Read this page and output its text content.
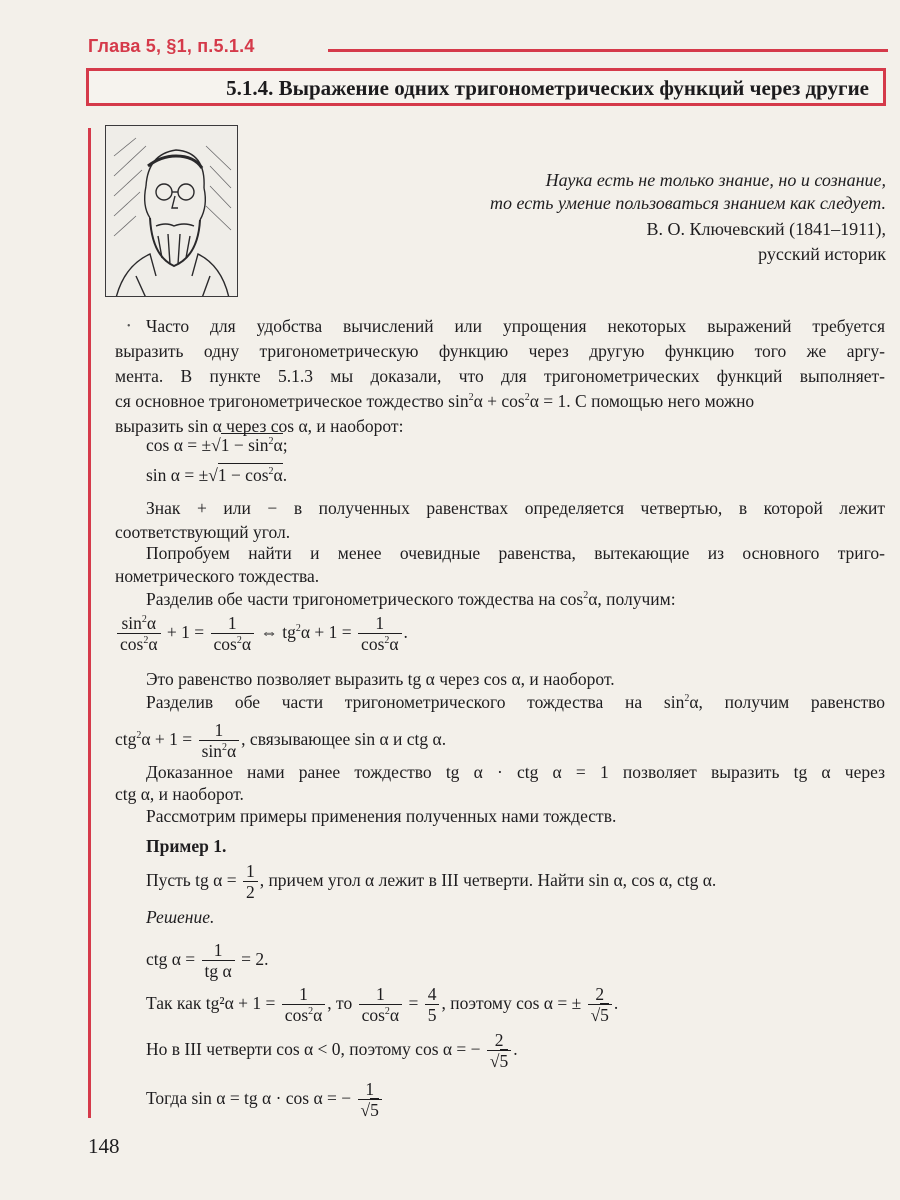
Глава 5, §1, п.5.1.4
5.1.4. Выражение одних тригонометрических функций через другие
Наука есть не только знание, но и сознание,
то есть умение пользоваться знанием как следует.
В. О. Ключевский (1841–1911),
русский историк
• Часто для удобства вычислений или упрощения некоторых выражений требуется
выразить одну тригонометрическую функцию через другую функцию того же аргу-
мента. В пункте 5.1.3 мы доказали, что для тригонометрических функций выполняет-
ся основное тригонометрическое тождество $\sin^2\alpha + \cos^2\alpha = 1$. С помощью него можно
выразить sin α через cos α, и наоборот:
$\cos \alpha = \pm√1 - \sin^2\alpha$;
$\sin \alpha = \pm√1 - \cos^2\alpha$.
Знак + или − в полученных равенствах определяется четвертью, в которой лежит
соответствующий угол.
Попробуем найти и менее очевидные равенства, вытекающие из основного триго-
нометрического тождества.
Разделив обе части тригонометрического тождества на $\cos^2\alpha$, получим:
$\frac{\sin^2\alpha}{\cos^2\alpha} + 1 = \frac{1}{\cos^2\alpha}$ ⇔ $tg^2\alpha + 1 = \frac{1}{\cos^2\alpha}$ .
Это равенство позволяет выразить tg α через cos α, и наоборот.
Разделив обе части тригонометрического тождества на $\sin^2\alpha$, получим равенство
$ctg^2\alpha + 1 = \frac{1}{\sin^2\alpha}$ , связывающее sin α и ctg α.
Доказанное нами ранее тождество tg α · ctg α = 1 позволяет выразить tg α через
ctg α, и наоборот.
Рассмотрим примеры применения полученных нами тождеств.
Пример 1.
Пусть tg $\alpha = \frac{1}{2}$ , причем угол α лежит в III четверти. Найти sin α, cos α, ctg α.
Решение.
ctg $\alpha = \frac{1}{\text{tg α}} = 2$.
Так как $tg^2\alpha + 1 = \frac{1}{\cos^2\alpha}$ , то $\frac{1}{\cos^2\alpha} = \frac{4}{5}$ , поэтому cos α = ± $\frac{2}{√5}$ .
Но в III четверти cos α < 0, поэтому cos α = − $\frac{2}{√5}$ .
Тогда sin α = tg α · cos α = − $\frac{1}{√5}$
148
